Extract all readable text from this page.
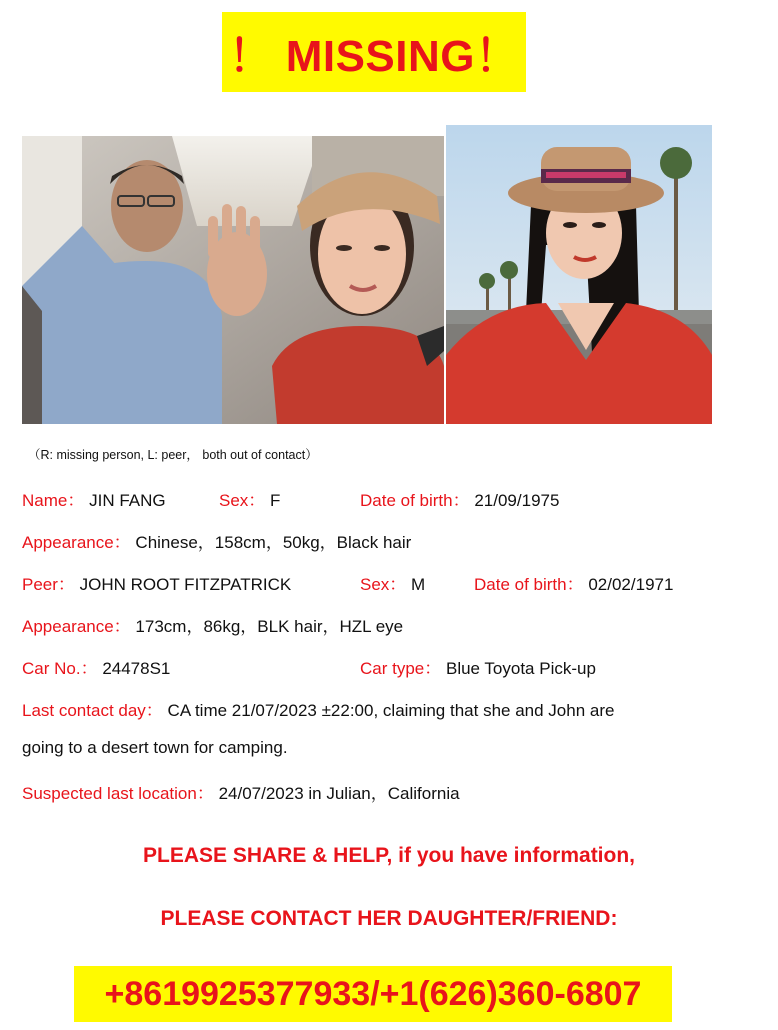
！ MISSING！
（R: missing person, L: peer， both out of contact）
Name： JIN FANG	Sex： F	Date of birth： 21/09/1975
Appearance： Chinese，158cm，50kg，Black hair
Peer： JOHN ROOT FITZPATRICK	Sex： M	Date of birth： 02/02/1971
Appearance： 173cm，86kg，BLK hair，HZL eye
Car No.： 24478S1	Car type： Blue Toyota Pick-up
Last contact day： CA time 21/07/2023 ±22:00, claiming that she and John are
going to a desert town for camping.
Suspected last location： 24/07/2023 in Julian，California
PLEASE SHARE & HELP, if you have information,
PLEASE CONTACT HER DAUGHTER/FRIEND:
+8619925377933/+1(626)360-6807
